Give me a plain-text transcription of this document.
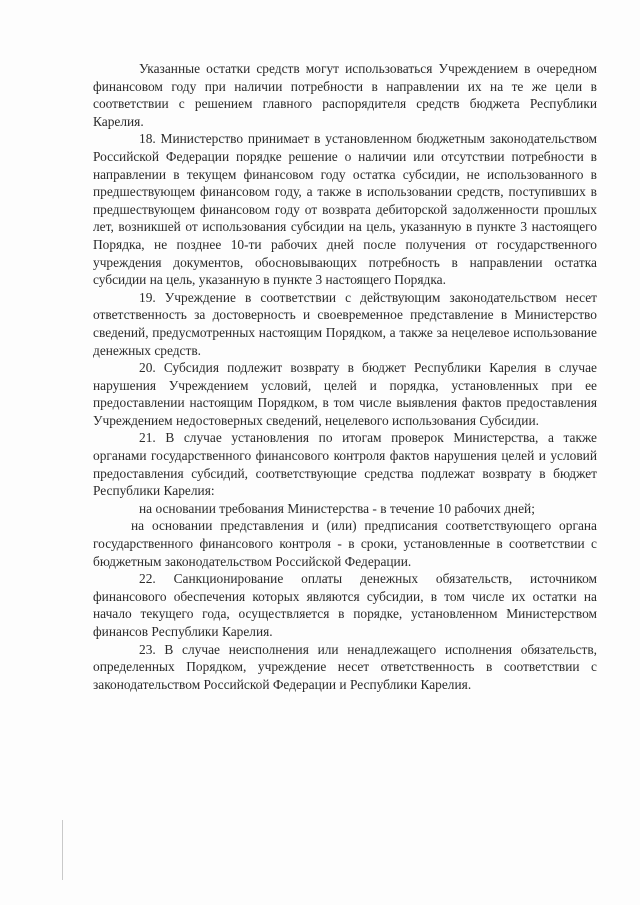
Указанные остатки средств могут использоваться Учреждением в очередном финансовом году при наличии потребности в направлении их на те же цели в соответствии с решением главного распорядителя средств бюджета Республики Карелия.

18. Министерство принимает в установленном бюджетным законодательством Российской Федерации порядке решение о наличии или отсутствии потребности в направлении в текущем финансовом году остатка субсидии, не использованного в предшествующем финансовом году, а также в использовании средств, поступивших в предшествующем финансовом году от возврата дебиторской задолженности прошлых лет, возникшей от использования субсидии на цель, указанную в пункте 3 настоящего Порядка, не позднее 10-ти рабочих дней после получения от государственного учреждения документов, обосновывающих потребность в направлении остатка субсидии на цель, указанную в пункте 3 настоящего Порядка.

19. Учреждение в соответствии с действующим законодательством несет ответственность за достоверность и своевременное представление в Министерство сведений, предусмотренных настоящим Порядком, а также за нецелевое использование денежных средств.

20. Субсидия подлежит возврату в бюджет Республики Карелия в случае нарушения Учреждением условий, целей и порядка, установленных при ее предоставлении настоящим Порядком, в том числе выявления фактов предоставления Учреждением недостоверных сведений, нецелевого использования Субсидии.

21. В случае установления по итогам проверок Министерства, а также органами государственного финансового контроля фактов нарушения целей и условий предоставления субсидий, соответствующие средства подлежат возврату в бюджет Республики Карелия:

на основании требования Министерства - в течение 10 рабочих дней;

на основании представления и (или) предписания соответствующего органа государственного финансового контроля - в сроки, установленные в соответствии с бюджетным законодательством Российской Федерации.

22. Санкционирование оплаты денежных обязательств, источником финансового обеспечения которых являются субсидии, в том числе их остатки на начало текущего года, осуществляется в порядке, установленном Министерством финансов Республики Карелия.

23. В случае неисполнения или ненадлежащего исполнения обязательств, определенных Порядком, учреждение несет ответственность в соответствии с законодательством Российской Федерации и Республики Карелия.
